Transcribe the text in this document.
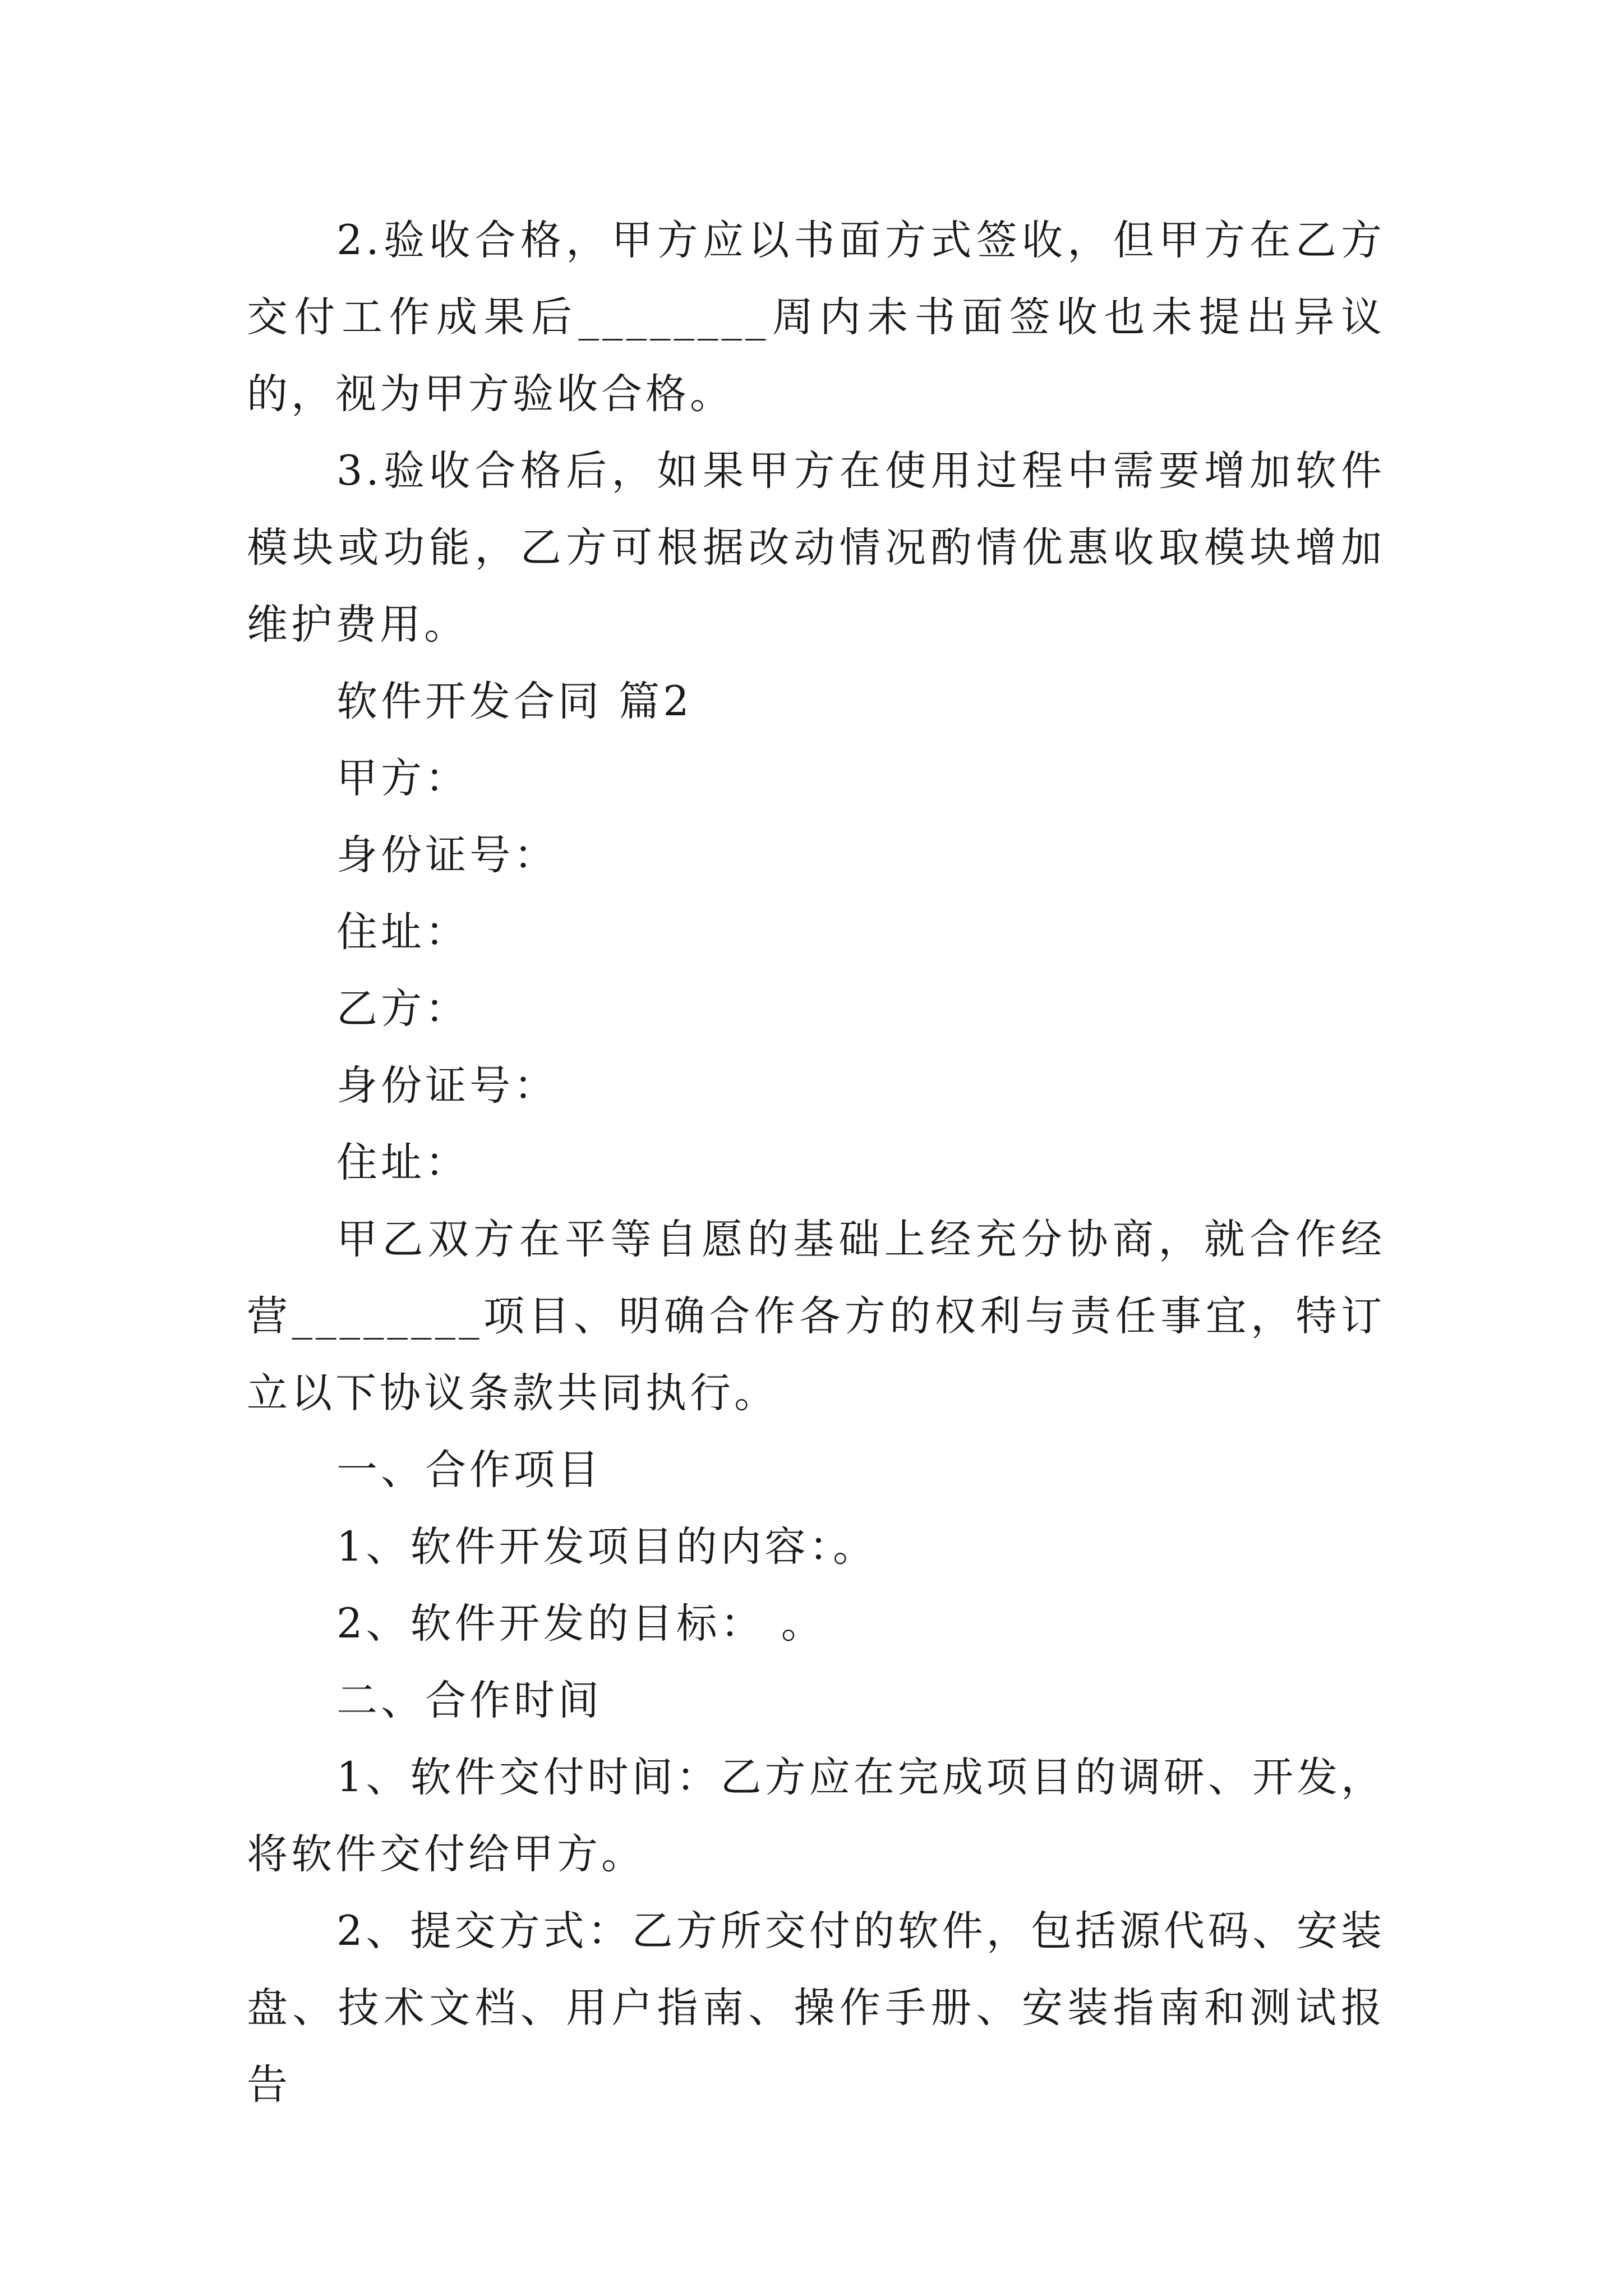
2.验收合格，甲方应以书面方式签收，但甲方在乙方交付工作成果后________周内未书面签收也未提出异议的，视为甲方验收合格。

3.验收合格后，如果甲方在使用过程中需要增加软件模块或功能，乙方可根据改动情况酌情优惠收取模块增加维护费用。

软件开发合同 篇2

甲方：

身份证号：

住址：

乙方：

身份证号：

住址：

甲乙双方在平等自愿的基础上经充分协商，就合作经营________项目、明确合作各方的权利与责任事宜，特订立以下协议条款共同执行。

一、合作项目

1、软件开发项目的内容：。

2、软件开发的目标： 。

二、合作时间

1、软件交付时间：乙方应在完成项目的调研、开发，将软件交付给甲方。

2、提交方式：乙方所交付的软件，包括源代码、安装盘、技术文档、用户指南、操作手册、安装指南和测试报告
